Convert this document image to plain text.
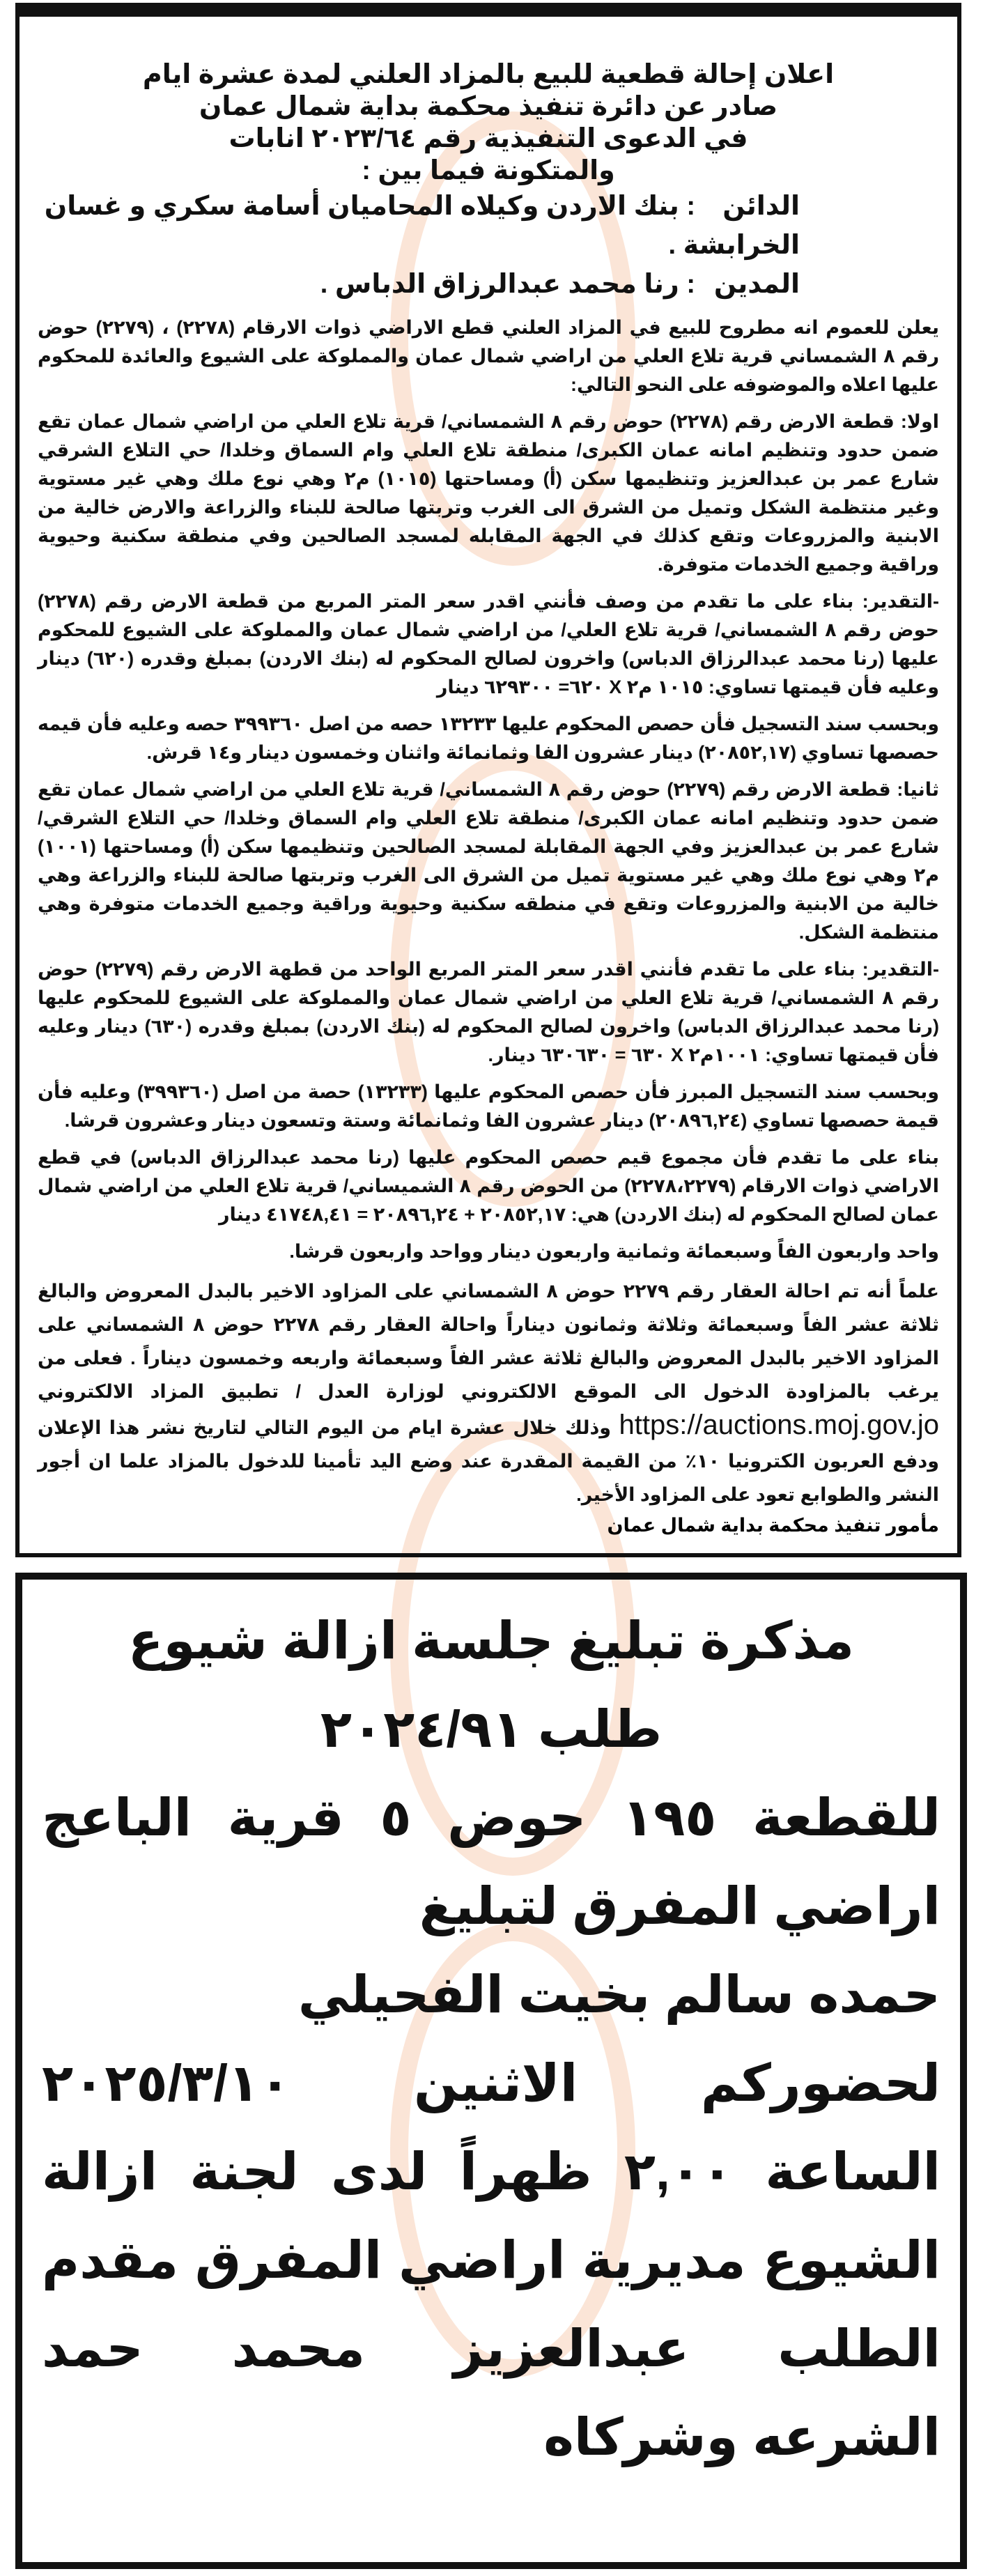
اعلان إحالة قطعية للبيع بالمزاد العلني لمدة عشرة ايام
صادر عن دائرة تنفيذ محكمة بداية شمال عمان
في الدعوى التنفيذية رقم ٢٠٢٣/٦٤ انابات
والمتكونة فيما بين :
الدائن: بنك الاردن وكيلاه المحاميان أسامة سكري و غسان الخرابشة .
المدين: رنا محمد عبدالرزاق الدباس .

يعلن للعموم انه مطروح للبيع في المزاد العلني قطع الاراضي ذوات الارقام (٢٢٧٨) ، (٢٢٧٩) حوض رقم ٨ الشمساني قرية تلاع العلي من اراضي شمال عمان والمملوكة على الشيوع والعائدة للمحكوم عليها اعلاه والموضوفه على النحو التالي:

اولا: قطعة الارض رقم (٢٢٧٨) حوض رقم ٨ الشمساني/ قرية تلاع العلي من اراضي شمال عمان تقع ضمن حدود وتنظيم امانه عمان الكبرى/ منطقة تلاع العلي وام السماق وخلدا/ حي التلاع الشرقي شارع عمر بن عبدالعزيز وتنظيمها سكن (أ) ومساحتها (١٠١٥) م٢ وهي نوع ملك وهي غير مستوية وغير منتظمة الشكل وتميل من الشرق الى الغرب وتربتها صالحة للبناء والزراعة والارض خالية من الابنية والمزروعات وتقع كذلك في الجهة المقابله لمسجد الصالحين وفي منطقة سكنية وحيوية وراقية وجميع الخدمات متوفرة.

-التقدير: بناء على ما تقدم من وصف فأنني اقدر سعر المتر المربع من قطعة الارض رقم (٢٢٧٨) حوض رقم ٨ الشمساني/ قرية تلاع العلي/ من اراضي شمال عمان والمملوكة على الشيوع للمحكوم عليها (رنا محمد عبدالرزاق الدباس) واخرون لصالح المحكوم له (بنك الاردن) بمبلغ وقدره (٦٢٠) دينار وعليه فأن قيمتها تساوي: ١٠١٥ م٢ X ٦٢٠= ٦٢٩٣٠٠ دينار

وبحسب سند التسجيل فأن حصص المحكوم عليها ١٣٢٣٣ حصه من اصل ٣٩٩٣٦٠ حصه وعليه فأن قيمه حصصها تساوي (٢٠٨٥٢,١٧) دينار عشرون الفا وثمانمائة واثنان وخمسون دينار و١٤ قرش.

ثانيا: قطعة الارض رقم (٢٢٧٩) حوض رقم ٨ الشمساني/ قرية تلاع العلي من اراضي شمال عمان تقع ضمن حدود وتنظيم امانه عمان الكبرى/ منطقة تلاع العلي وام السماق وخلدا/ حي التلاع الشرقي/ شارع عمر بن عبدالعزيز وفي الجهة المقابلة لمسجد الصالحين وتنظيمها سكن (أ) ومساحتها (١٠٠١) م٢ وهي نوع ملك وهي غير مستوية تميل من الشرق الى الغرب وتربتها صالحة للبناء والزراعة وهي خالية من الابنية والمزروعات وتقع في منطقه سكنية وحيوية وراقية وجميع الخدمات متوفرة وهي منتظمة الشكل.

-التقدير: بناء على ما تقدم فأنني اقدر سعر المتر المربع الواحد من قطهة الارض رقم (٢٢٧٩) حوض رقم ٨ الشمساني/ قرية تلاع العلي من اراضي شمال عمان والمملوكة على الشيوع للمحكوم عليها (رنا محمد عبدالرزاق الدباس) واخرون لصالح المحكوم له (بنك الاردن) بمبلغ وقدره (٦٣٠) دينار وعليه فأن قيمتها تساوي: ١٠٠١م٢ X ٦٣٠ = ٦٣٠٦٣٠ دينار.

وبحسب سند التسجيل المبرز فأن حصص المحكوم عليها (١٣٢٣٣) حصة من اصل (٣٩٩٣٦٠) وعليه فأن قيمة حصصها تساوي (٢٠٨٩٦,٢٤) دينار عشرون الفا وثمانمائة وستة وتسعون دينار وعشرون قرشا.

بناء على ما تقدم فأن مجموع قيم حصص المحكوم عليها (رنا محمد عبدالرزاق الدباس) في قطع الاراضي ذوات الارقام (٢٢٧٨،٢٢٧٩) من الحوض رقم ٨ الشميساني/ قرية تلاع العلي من اراضي شمال عمان لصالح المحكوم له (بنك الاردن) هي: ٢٠٨٥٢,١٧ + ٢٠٨٩٦,٢٤ = ٤١٧٤٨,٤١ دينار

واحد واربعون الفاً وسبعمائة وثمانية واربعون دينار وواحد واربعون قرشا.

علماً أنه تم احالة العقار رقم ٢٢٧٩ حوض ٨ الشمساني على المزاود الاخير بالبدل المعروض والبالغ ثلاثة عشر الفاً وسبعمائة وثلاثة وثمانون ديناراً واحالة العقار رقم ٢٢٧٨ حوض ٨ الشمساني على المزاود الاخير بالبدل المعروض والبالغ ثلاثة عشر الفاً وسبعمائة واربعه وخمسون ديناراً . فعلى من يرغب بالمزاودة الدخول الى الموقع الالكتروني لوزارة العدل / تطبيق المزاد الالكتروني https://auctions.moj.gov.jo وذلك خلال عشرة ايام من اليوم التالي لتاريخ نشر هذا الإعلان ودفع العربون الكترونيا ١٠٪ من القيمة المقدرة عند وضع اليد تأمينا للدخول بالمزاد علما ان أجور النشر والطوابع تعود على المزاود الأخير.

مأمور تنفيذ محكمة بداية شمال عمان
مذكرة تبليغ جلسة ازالة شيوع
طلب ٢٠٢٤/٩١
للقطعة ١٩٥ حوض ٥ قرية الباعج
اراضي المفرق لتبليغ
حمده سالم بخيت الفحيلي
لحضوركم الاثنين ٢٠٢٥/٣/١٠
الساعة ٢,٠٠ ظهراً لدى لجنة ازالة
الشيوع مديرية اراضي المفرق مقدم
الطلب عبدالعزيز محمد حمد
الشرعه وشركاه
